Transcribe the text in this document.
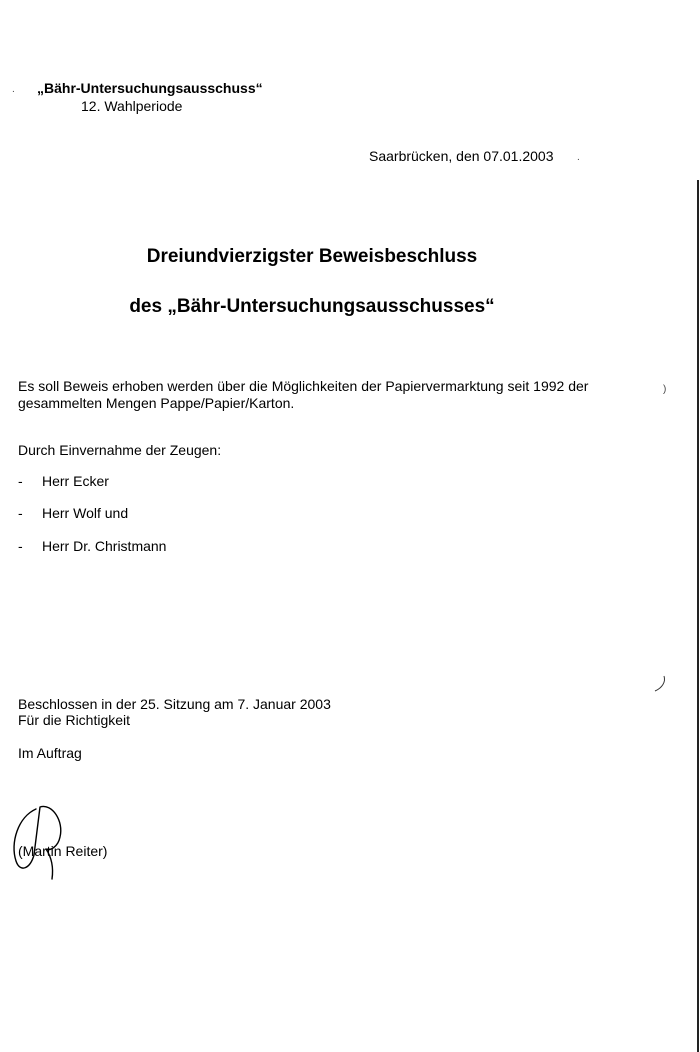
.
.
)
„Bähr-Untersuchungsausschuss“
12. Wahlperiode
Saarbrücken, den 07.01.2003
Dreiundvierzigster Beweisbeschluss
des „Bähr-Untersuchungsausschusses“
Es soll Beweis erhoben werden über die Möglichkeiten der Papiervermarktung seit 1992 der gesammelten Mengen Pappe/Papier/Karton.
Durch Einvernahme der Zeugen:
- Herr Ecker
- Herr Wolf und
- Herr Dr. Christmann
Beschlossen in der 25. Sitzung am 7. Januar 2003
Für die Richtigkeit
Im Auftrag
(Martin Reiter)
